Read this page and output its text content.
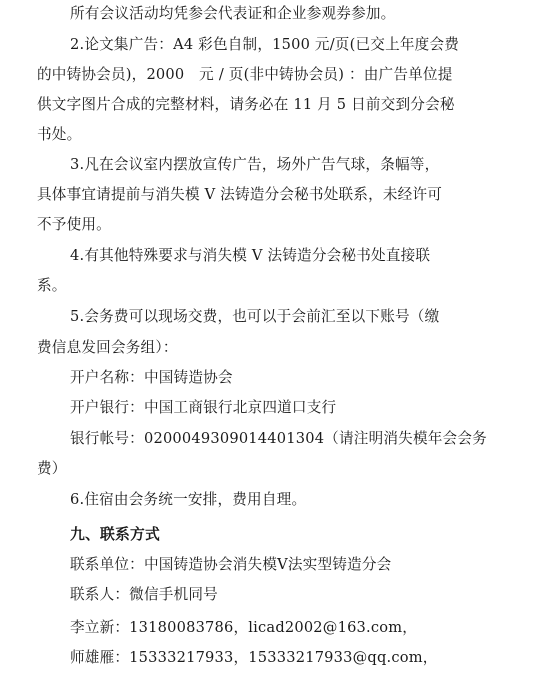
所有会议活动均凭参会代表证和企业参观券参加。
2.论文集广告：A4 彩色自制，1500 元/页(已交上年度会费
的中铸协会员)，2000　元 / 页(非中铸协会员) ：由广告单位提
供文字图片合成的完整材料，请务必在 11 月 5 日前交到分会秘
书处。
3.凡在会议室内摆放宣传广告，场外广告气球，条幅等，
具体事宜请提前与消失模 V 法铸造分会秘书处联系，未经许可
不予使用。
4.有其他特殊要求与消失模 V 法铸造分会秘书处直接联
系。
5.会务费可以现场交费，也可以于会前汇至以下账号（缴
费信息发回会务组）：
开户名称：中国铸造协会
开户银行：中国工商银行北京四道口支行
银行帐号：0200049309014401304（请注明消失模年会会务
费）
6.住宿由会务统一安排，费用自理。
九、联系方式
联系单位：中国铸造协会消失模Ⅴ法实型铸造分会
联系人：微信手机同号
李立新：13180083786，licad2002@163.com，
师雄雁：15333217933，15333217933@qq.com，
